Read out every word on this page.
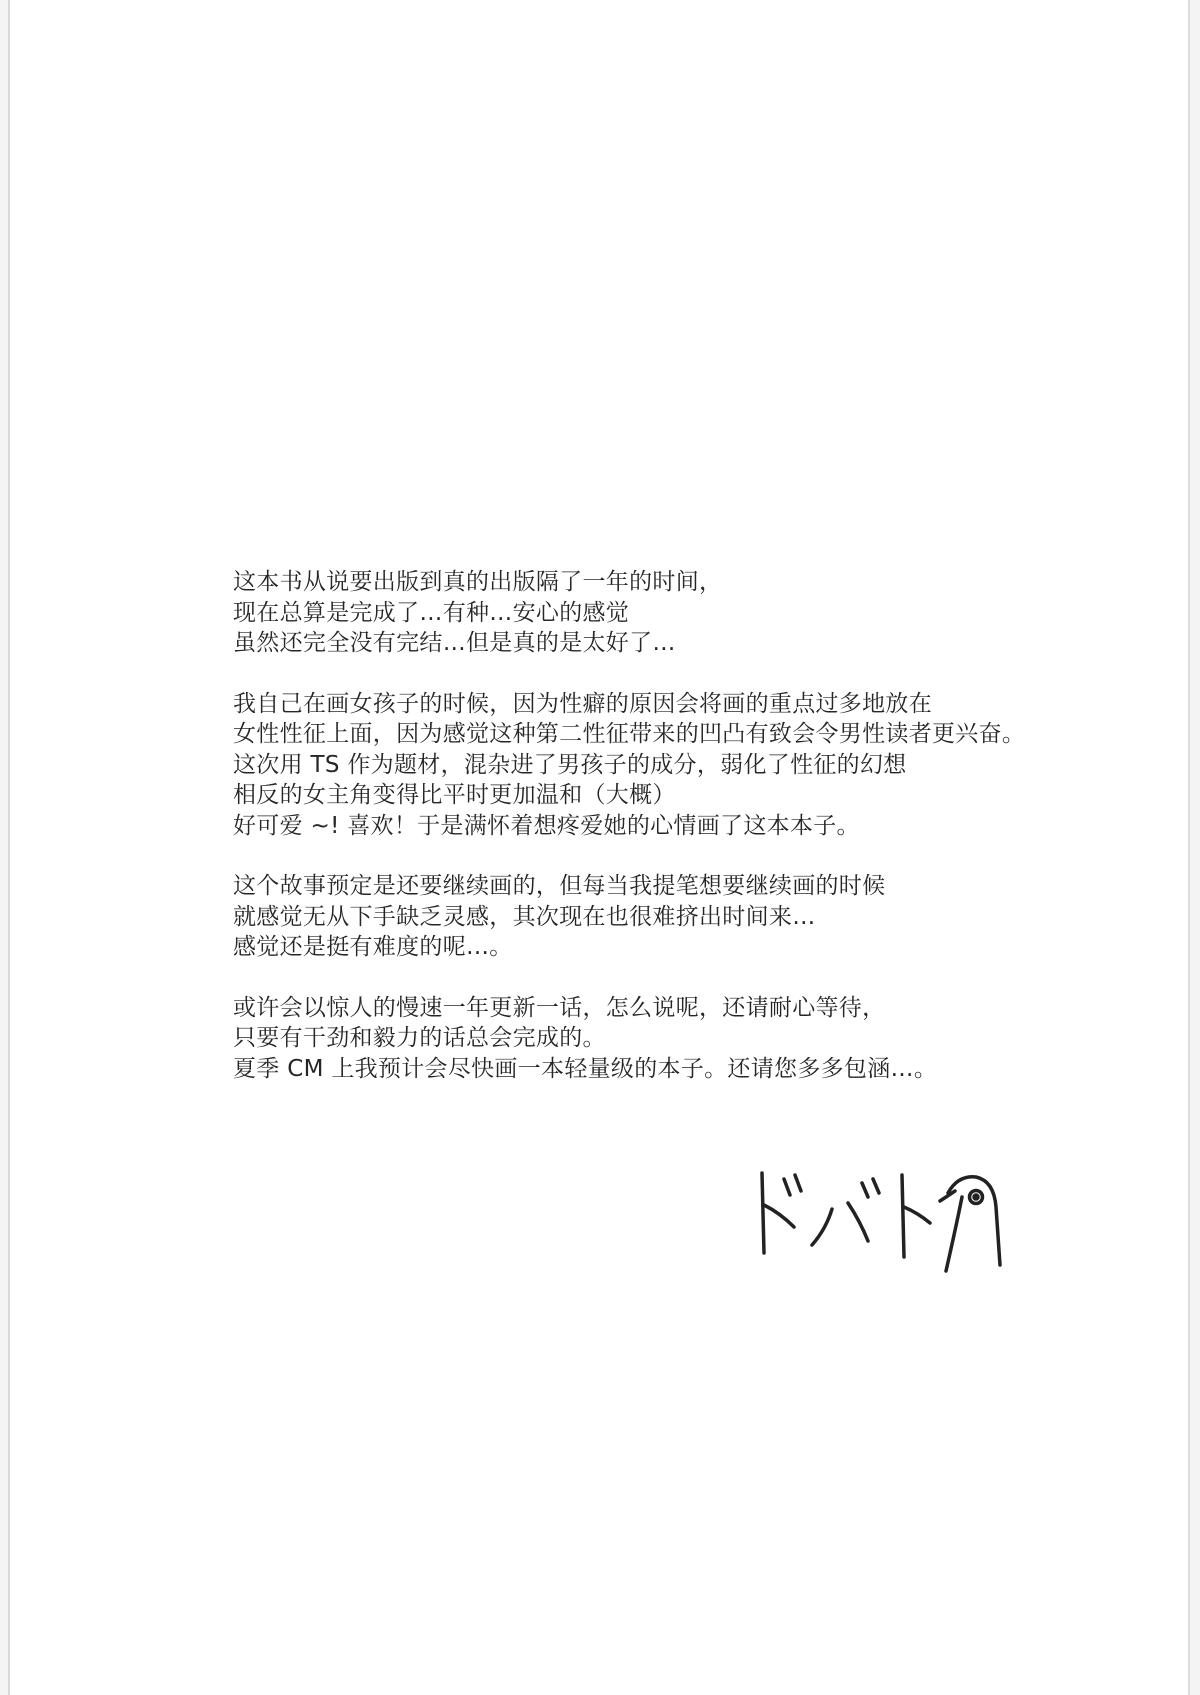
这本书从说要出版到真的出版隔了一年的时间，
现在总算是完成了…有种…安心的感觉
虽然还完全没有完结…但是真的是太好了…
我自己在画女孩子的时候，因为性癖的原因会将画的重点过多地放在
女性性征上面，因为感觉这种第二性征带来的凹凸有致会令男性读者更兴奋。
这次用 TS 作为题材，混杂进了男孩子的成分，弱化了性征的幻想
相反的女主角变得比平时更加温和（大概）
好可爱 ~! 喜欢！于是满怀着想疼爱她的心情画了这本本子。
这个故事预定是还要继续画的，但每当我提笔想要继续画的时候
就感觉无从下手缺乏灵感，其次现在也很难挤出时间来…
感觉还是挺有难度的呢…。
或许会以惊人的慢速一年更新一话，怎么说呢，还请耐心等待，
只要有干劲和毅力的话总会完成的。
夏季 CM 上我预计会尽快画一本轻量级的本子。还请您多多包涵…。
